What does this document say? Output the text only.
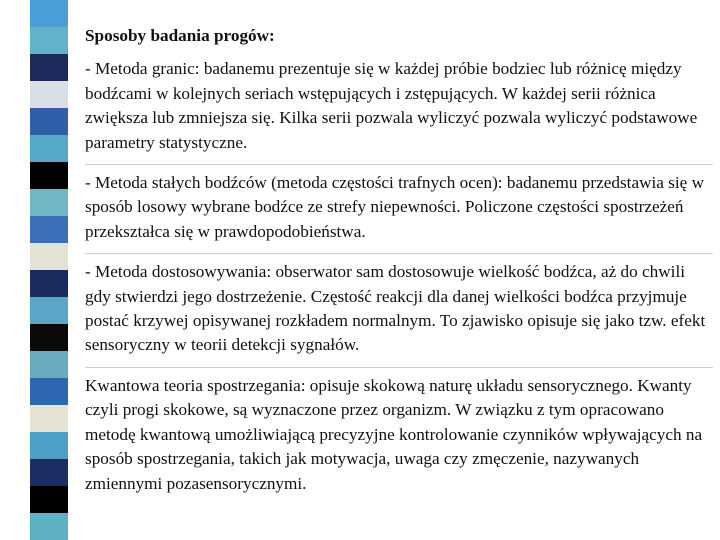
Sposoby badania progów:

- Metoda granic: badanemu prezentuje się w każdej próbie bodziec lub różnicę między bodźcami w kolejnych seriach wstępujących i zstępujących. W każdej serii różnica zwiększa lub zmniejsza się. Kilka serii pozwala wyliczyć pozwala wyliczyć podstawowe parametry statystyczne.

- Metoda stałych bodźców (metoda częstości trafnych ocen): badanemu przedstawia się w sposób losowy wybrane bodźce ze strefy niepewności. Policzone częstości spostrzeżeń przekształca się w prawdopodobieństwa.

- Metoda dostosowywania: obserwator sam dostosowuje wielkość bodźca, aż do chwili gdy stwierdzi jego dostrzeżenie. Częstość reakcji dla danej wielkości bodźca przyjmuje postać krzywej opisywanej rozkładem normalnym. To zjawisko opisuje się jako tzw. efekt sensoryczny w teorii detekcji sygnałów.

Kwantowa teoria spostrzegania: opisuje skokową naturę układu sensorycznego. Kwanty czyli progi skokowe, są wyznaczone przez organizm. W związku z tym opracowano metodę kwantową umożliwiającą precyzyjne kontrolowanie czynników wpływających na sposób spostrzegania, takich jak motywacja, uwaga czy zmęczenie, nazywanych zmiennymi pozasensorycznymi.
